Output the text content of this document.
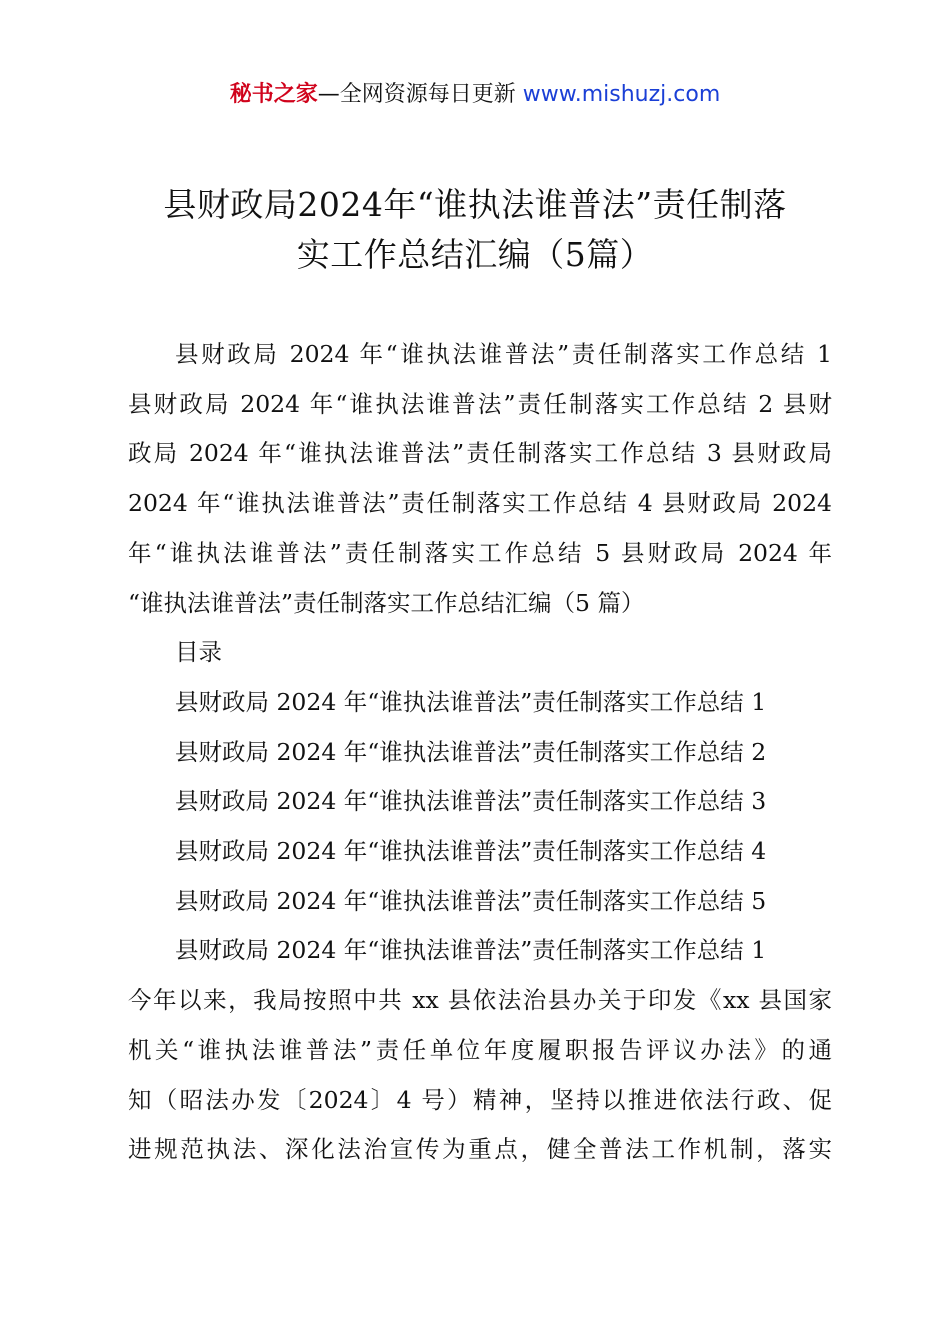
秘书之家—全网资源每日更新 www.mishuzj.com
县财政局2024年“谁执法谁普法”责任制落
实工作总结汇编（5篇）
县财政局 2024 年“谁执法谁普法”责任制落实工作总结 1
县财政局 2024 年“谁执法谁普法”责任制落实工作总结 2 县财
政局 2024 年“谁执法谁普法”责任制落实工作总结 3 县财政局
2024 年“谁执法谁普法”责任制落实工作总结 4 县财政局 2024
年“谁执法谁普法”责任制落实工作总结 5 县财政局 2024 年
“谁执法谁普法”责任制落实工作总结汇编（5 篇）
目录
县财政局 2024 年“谁执法谁普法”责任制落实工作总结 1
县财政局 2024 年“谁执法谁普法”责任制落实工作总结 2
县财政局 2024 年“谁执法谁普法”责任制落实工作总结 3
县财政局 2024 年“谁执法谁普法”责任制落实工作总结 4
县财政局 2024 年“谁执法谁普法”责任制落实工作总结 5
县财政局 2024 年“谁执法谁普法”责任制落实工作总结 1
今年以来，我局按照中共 xx 县依法治县办关于印发《xx 县国家
机关“谁执法谁普法”责任单位年度履职报告评议办法》的通
知（昭法办发〔2024〕4 号）精神，坚持以推进依法行政、促
进规范执法、深化法治宣传为重点，健全普法工作机制，落实
